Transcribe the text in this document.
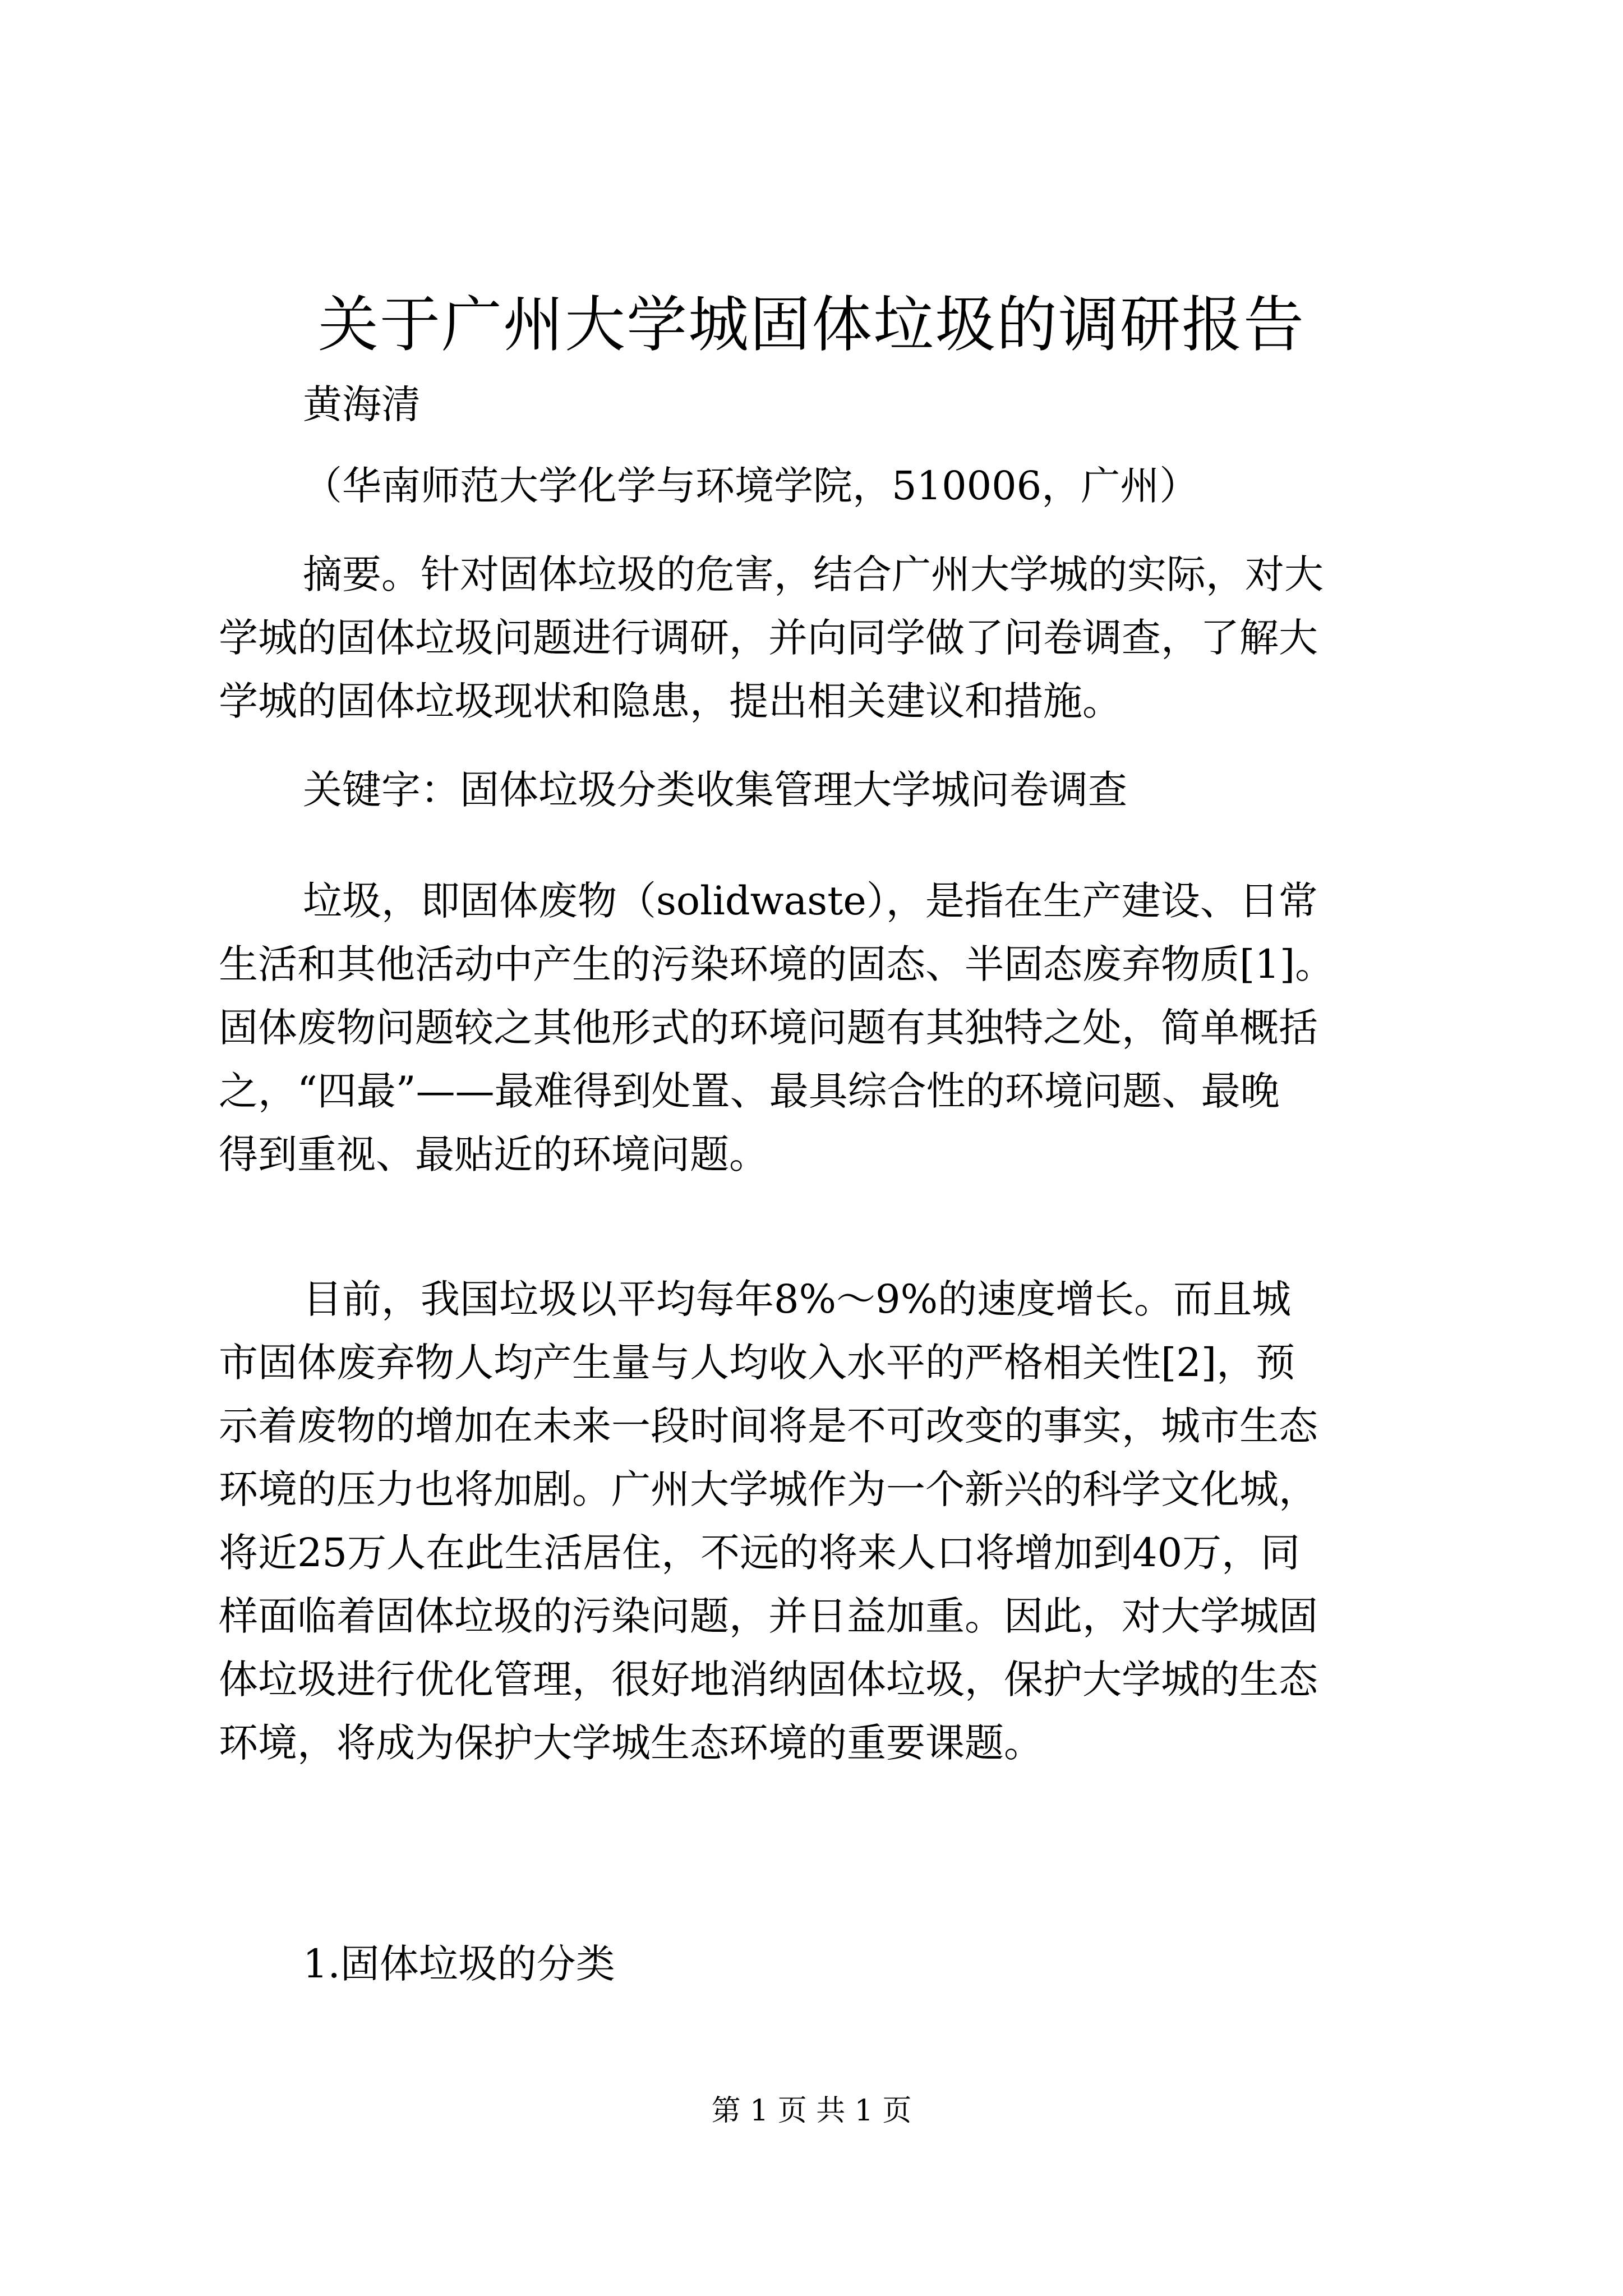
关于广州大学城固体垃圾的调研报告
黄海清
（华南师范大学化学与环境学院，510006，广州）
摘要。针对固体垃圾的危害，结合广州大学城的实际，对大
学城的固体垃圾问题进行调研，并向同学做了问卷调查，了解大
学城的固体垃圾现状和隐患，提出相关建议和措施。
关键字：固体垃圾分类收集管理大学城问卷调查
垃圾，即固体废物（solidwaste），是指在生产建设、日常
生活和其他活动中产生的污染环境的固态、半固态废弃物质[1]。
固体废物问题较之其他形式的环境问题有其独特之处，简单概括
之，“四最”——最难得到处置、最具综合性的环境问题、最晚
得到重视、最贴近的环境问题。
目前，我国垃圾以平均每年8%～9%的速度增长。而且城
市固体废弃物人均产生量与人均收入水平的严格相关性[2]，预
示着废物的增加在未来一段时间将是不可改变的事实，城市生态
环境的压力也将加剧。广州大学城作为一个新兴的科学文化城，
将近25万人在此生活居住，不远的将来人口将增加到40万，同
样面临着固体垃圾的污染问题，并日益加重。因此，对大学城固
体垃圾进行优化管理，很好地消纳固体垃圾，保护大学城的生态
环境，将成为保护大学城生态环境的重要课题。
1.固体垃圾的分类
第 1 页 共 1 页
